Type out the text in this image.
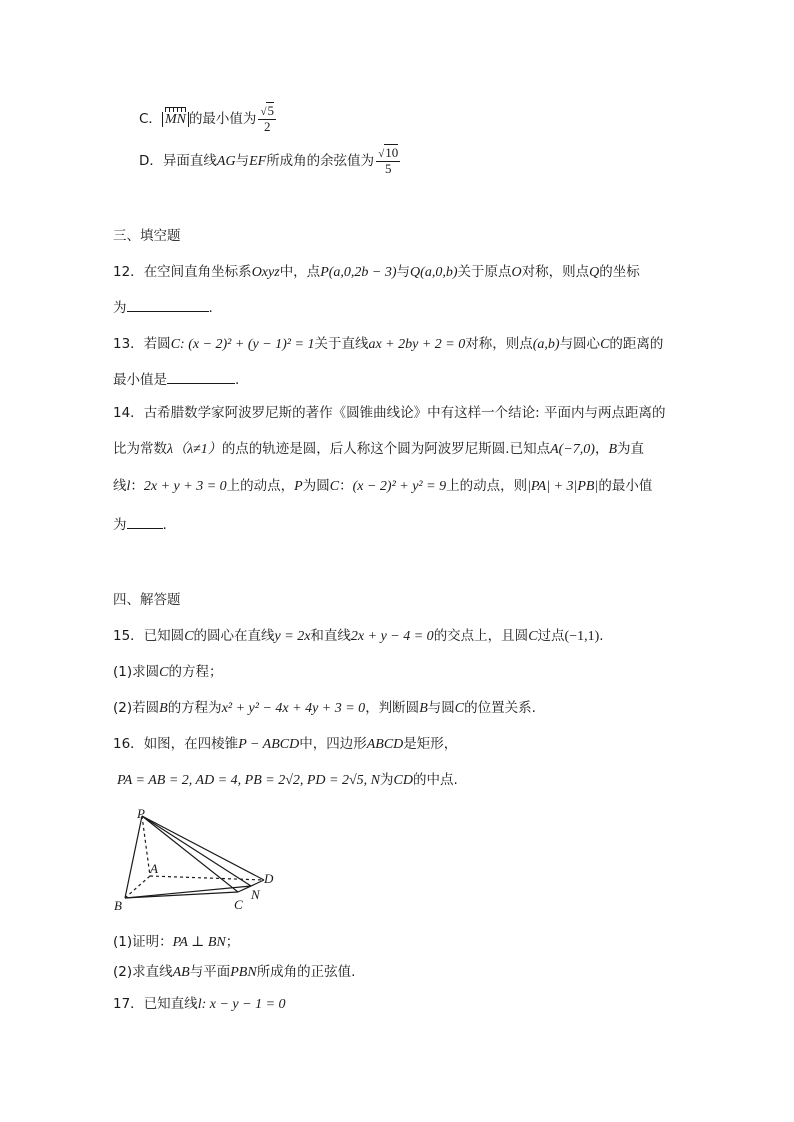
C． MN 的最小值为 $\frac{√5}{2}$
D．异面直线AG与EF所成角的余弦值为 $\frac{√10}{5}$
三、填空题
12．在空间直角坐标系Oxyz中，点P(a,0,2b − 3)与Q(a,0,b)关于原点O对称，则点Q的坐标
为	.
13．若圆C: (x − 2)² + (y − 1)² = 1关于直线ax + 2by + 2 = 0对称，则点(a,b)与圆心C的距离的
最小值是	.
14．古希腊数学家阿波罗尼斯的著作《圆锥曲线论》中有这样一个结论: 平面内与两点距离的
比为常数λ（λ≠1）的点的轨迹是圆，后人称这个圆为阿波罗尼斯圆.已知点A(−7,0)，B为直
线l：2x + y + 3 = 0上的动点，P为圆C：(x − 2)² + y² = 9上的动点，则|PA| + 3|PB|的最小值
为	.
四、解答题
15．已知圆C的圆心在直线y = 2x和直线2x + y − 4 = 0的交点上，且圆C过点(−1,1).
(1)求圆C的方程；
(2)若圆B的方程为x² + y² − 4x + 4y + 3 = 0，判断圆B与圆C的位置关系.
16．如图，在四棱锥P − ABCD中，四边形ABCD是矩形，
PA = AB = 2, AD = 4, PB = 2√2, PD = 2√5, N为CD的中点.
P
A
B	C
D
N
(1)证明：PA ⊥ BN；
(2)求直线AB与平面PBN所成角的正弦值.
17．已知直线l: x − y − 1 = 0
